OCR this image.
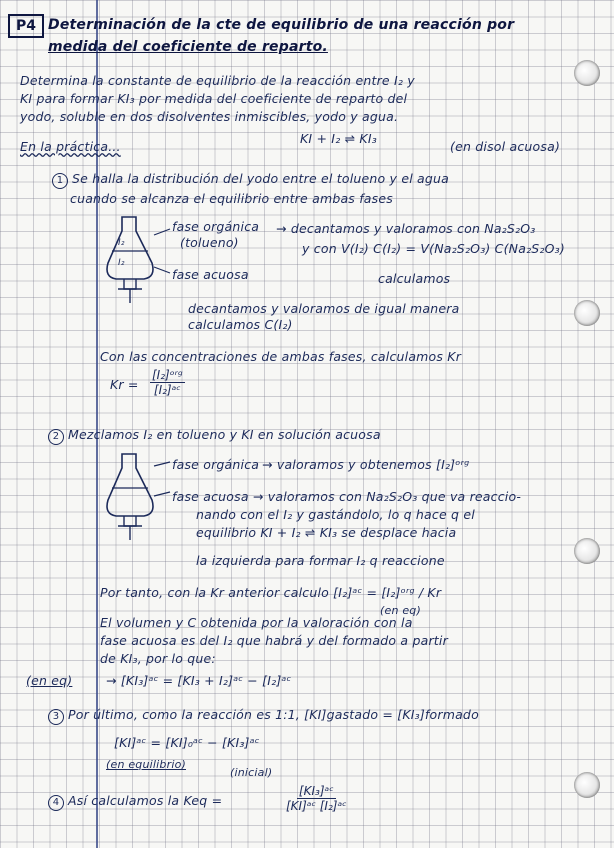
P4 Determinación de la cte de equilibrio de una reacción por
medida del coeficiente de reparto.
Determina la constante de equilibrio de la reacción entre I₂ y
KI para formar KI₃ por medida del coeficiente de reparto del
yodo, soluble en dos disolventes inmiscibles, yodo y agua.
En la práctica...
KI + I₂ ⇌ KI₃
(en disol acuosa)
1 Se halla la distribución del yodo entre el tolueno y el agua
cuando se alcanza el equilibrio entre ambas fases
I₂
I₂
fase orgánica
(tolueno)
→ decantamos y valoramos con Na₂S₂O₃
y con V(I₂) C(I₂) = V(Na₂S₂O₃) C(Na₂S₂O₃)
calculamos
fase acuosa
decantamos y valoramos de igual manera
calculamos C(I₂)
Con las concentraciones de ambas fases, calculamos Kr
Kr =
[I₂]ᵒʳᵍ
[I₂]ᵃᶜ
2 Mezclamos I₂ en tolueno y KI en solución acuosa
fase orgánica → valoramos y obtenemos [I₂]ᵒʳᵍ
fase acuosa → valoramos con Na₂S₂O₃ que va reaccio-
nando con el I₂ y gastándolo, lo q hace q el
equilibrio KI + I₂ ⇌ KI₃ se desplace hacia
la izquierda para formar I₂ q reaccione
Por tanto, con la Kr anterior calculo [I₂]ᵃᶜ = [I₂]ᵒʳᵍ / Kr
(en eq)
El volumen y C obtenida por la valoración con la
fase acuosa es del I₂ que habrá y del formado a partir
de KI₃, por lo que:
(en eq)	→ [KI₃]ᵃᶜ = [KI₃ + I₂]ᵃᶜ − [I₂]ᵃᶜ
3 Por último, como la reacción es 1:1, [KI]gastado = [KI₃]formado
[KI]ᵃᶜ = [KI]₀ᵃᶜ − [KI₃]ᵃᶜ
(en equilibrio)
(inicial)
4 Así calculamos la Keq =	$\frac{\text{[KI₃]ᵃᶜ}}{\text{[KI]ᵃᶜ [I₂]ᵃᶜ}}$
